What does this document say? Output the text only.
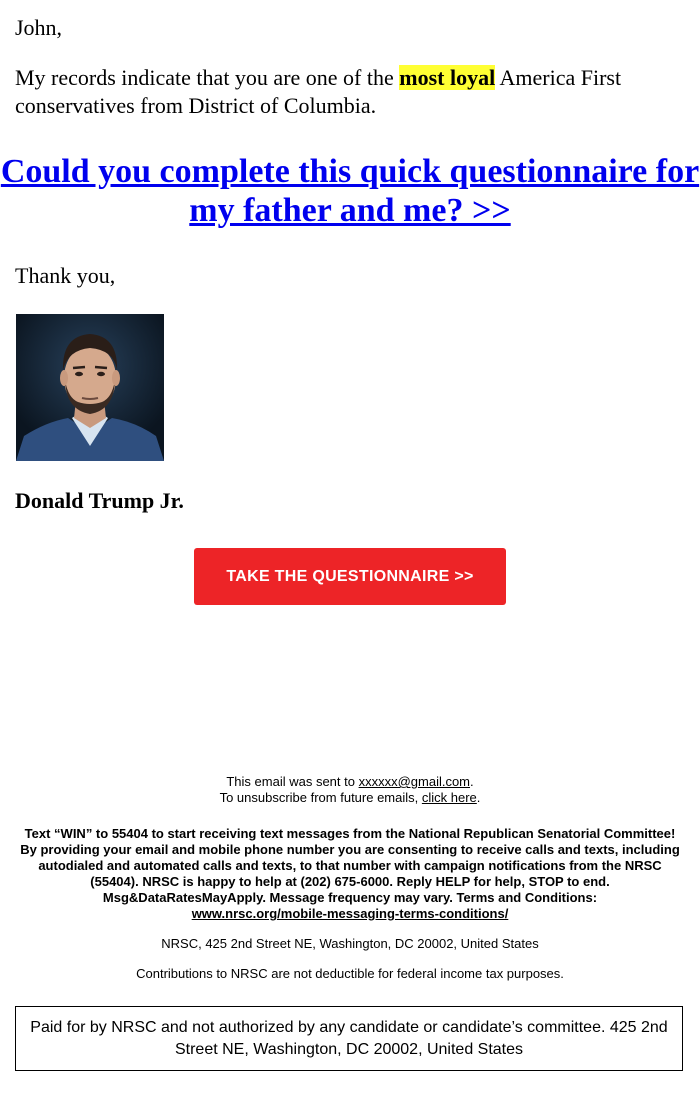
John,

My records indicate that you are one of the most loyal America First conservatives from District of Columbia.

Could you complete this quick questionnaire for my father and me? >>

Thank you,

Donald Trump Jr.

TAKE THE QUESTIONNAIRE >>

This email was sent to xxxxxx@gmail.com.
To unsubscribe from future emails, click here.

Text “WIN” to 55404 to start receiving text messages from the National Republican Senatorial Committee! By providing your email and mobile phone number you are consenting to receive calls and texts, including autodialed and automated calls and texts, to that number with campaign notifications from the NRSC (55404). NRSC is happy to help at (202) 675-6000. Reply HELP for help, STOP to end. Msg&DataRatesMayApply. Message frequency may vary. Terms and Conditions:
www.nrsc.org/mobile-messaging-terms-conditions/

NRSC, 425 2nd Street NE, Washington, DC 20002, United States

Contributions to NRSC are not deductible for federal income tax purposes.

Paid for by NRSC and not authorized by any candidate or candidate’s committee. 425 2nd Street NE, Washington, DC 20002, United States
